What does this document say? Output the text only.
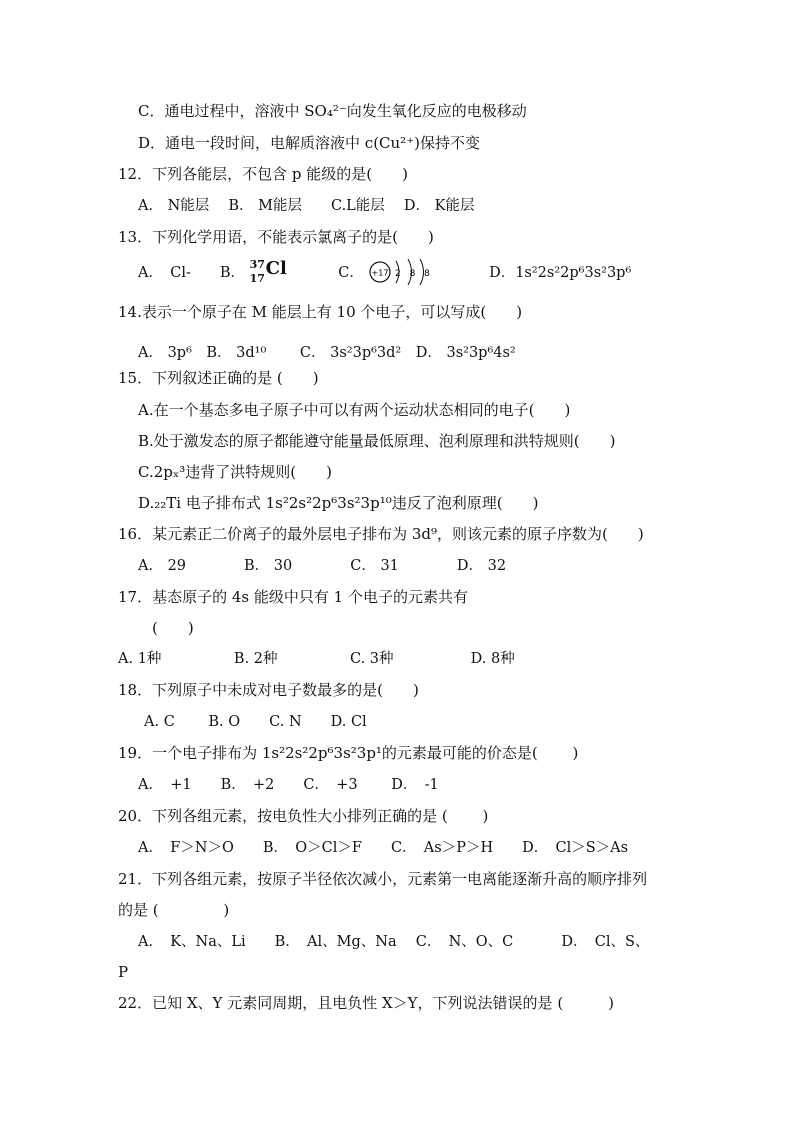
C．通电过程中，溶液中 SO₄²⁻向发生氧化反应的电极移动
D．通电一段时间，电解质溶液中 c(Cu²⁺)保持不变
12．下列各能层，不包含 p 能级的是(　　)
A． N能层　 B． M能层　　C.L能层　 D． K能层
13．下列化学用语，不能表示氯离子的是(　　)
A．　Cl-　　B．
37
17 Cl	C． +17 2 8 8	D．1s²2s²2p⁶3s²3p⁶
14.表示一个原子在 M 能层上有 10 个电子，可以写成(　　)
A． 3p⁶　B． 3d¹⁰　　 C． 3s²3p⁶3d²　D． 3s²3p⁶4s²
15．下列叙述正确的是 (　　)
A.在一个基态多电子原子中可以有两个运动状态相同的电子(　　)
B.处于激发态的原子都能遵守能量最低原理、泡利原理和洪特规则(　　)
C.2pₓ³违背了洪特规则(　　)
D.₂₂Ti 电子排布式 1s²2s²2p⁶3s²3p¹⁰违反了泡利原理(　　)
16．某元素正二价离子的最外层电子排布为 3d⁹，则该元素的原子序数为(　　)
A． 29　　　　B． 30　　　　C． 31　　　　D． 32
17．基态原子的 4s 能级中只有 1 个电子的元素共有
(　　)
A. 1种　　　　　B. 2种　　　　　C. 3种　　　　　 D. 8种
18．下列原子中未成对电子数最多的是(　　)
A. C　　 B. O　　C. N　　D. Cl
19．一个电子排布为 1s²2s²2p⁶3s²3p¹的元素最可能的价态是(　　 )
A．　+1　　B．　+2　　C．　+3　　 D．　-1
20．下列各组元素，按电负性大小排列正确的是 (　　 )
A．　F＞N＞O　　B．　O＞Cl＞F　　C．　As＞P＞H　　D．　Cl＞S＞As
21．下列各组元素，按原子半径依次减小，元素第一电离能逐渐升高的顺序排列
的是 (　　　　 )
A．　K、Na、Li　　B．　Al、Mg、Na　 C．　N、O、C　　　 D．　Cl、S、
P
22．已知 X、Y 元素同周期，且电负性 X＞Y，下列说法错误的是 (　　　)
